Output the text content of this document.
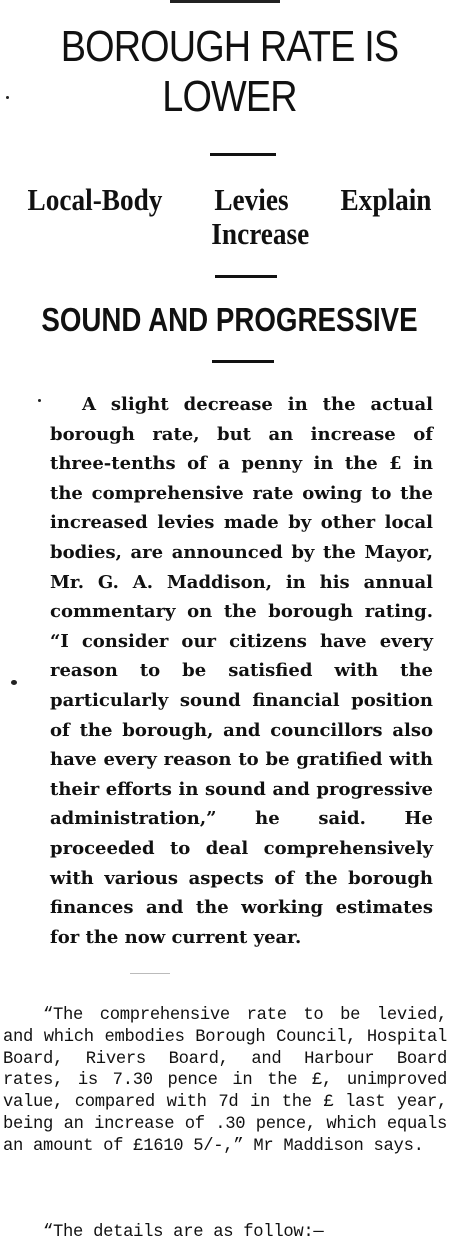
BOROUGH RATE IS
LOWER
Local-Body Levies Explain
Increase
SOUND AND PROGRESSIVE

A slight decrease in the actual borough rate, but an increase of three-tenths of a penny in the £ in the comprehensive rate owing to the increased levies made by other local bodies, are announced by the Mayor, Mr. G. A. Maddison, in his annual commentary on the borough rating. “I consider our citizens have every reason to be satisfied with the particularly sound financial position of the borough, and councillors also have every reason to be gratified with their efforts in sound and progressive administration,” he said. He proceeded to deal comprehensively with various aspects of the borough finances and the working estimates for the now current year.

“The comprehensive rate to be levied, and which embodies Borough Council, Hospital Board, Rivers Board, and Harbour Board rates, is 7.30 pence in the £, unimproved value, compared with 7d in the £ last year, being an increase of .30 pence, which equals an amount of £1610 5/-,” Mr Maddison says.

“The details are as follow:—
